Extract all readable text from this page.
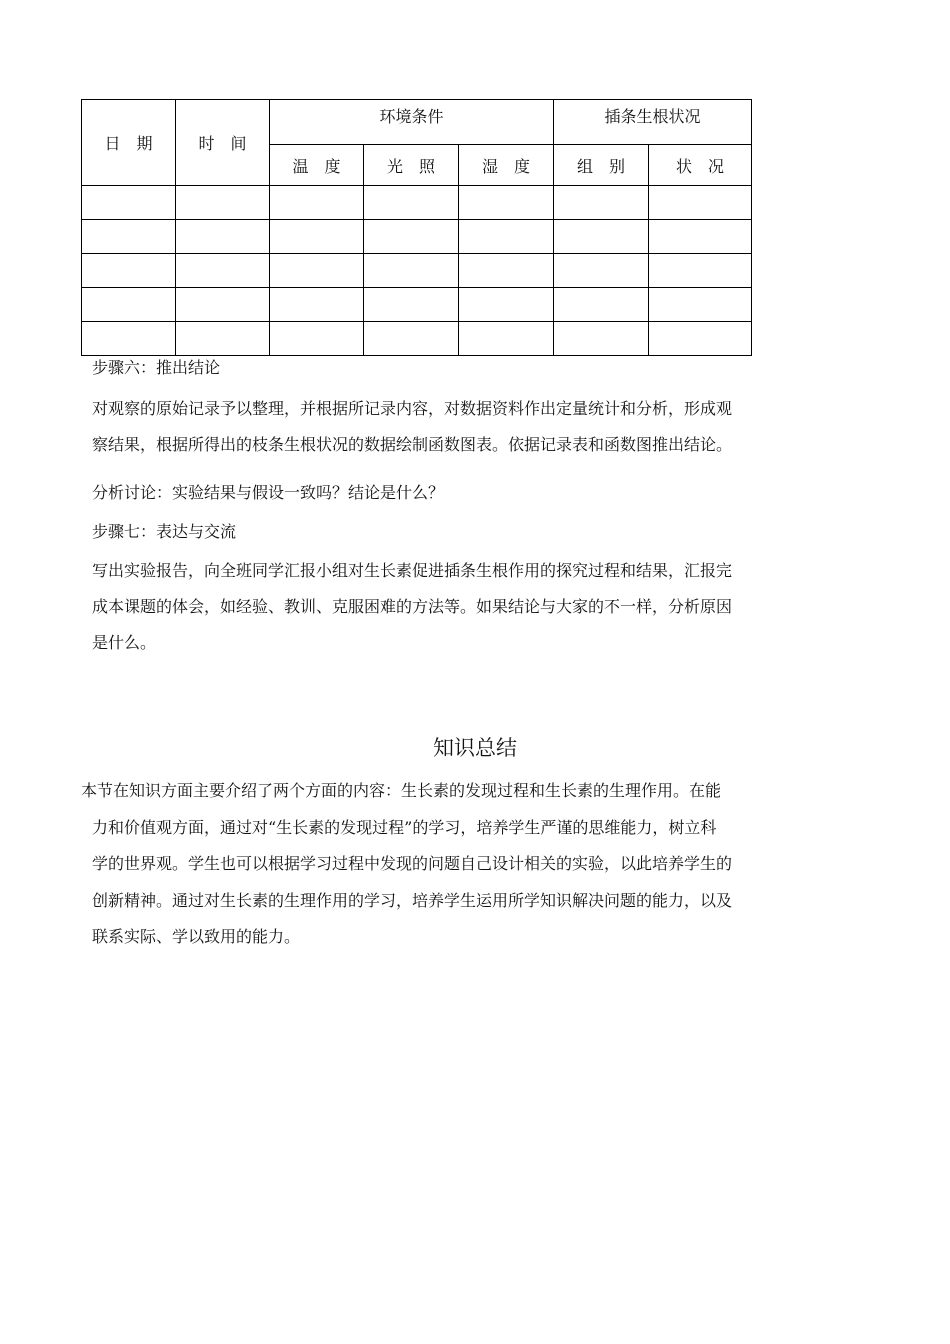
日　期	时　间	环境条件			插条生根状况	
		温　度	光　照	湿　度	组　别	状　况

步骤六：推出结论

对观察的原始记录予以整理，并根据所记录内容，对数据资料作出定量统计和分析，形成观
察结果，根据所得出的枝条生根状况的数据绘制函数图表。依据记录表和函数图推出结论。

分析讨论：实验结果与假设一致吗？结论是什么？

步骤七：表达与交流

写出实验报告，向全班同学汇报小组对生长素促进插条生根作用的探究过程和结果，汇报完
成本课题的体会，如经验、教训、克服困难的方法等。如果结论与大家的不一样，分析原因
是什么。
知识总结
本节在知识方面主要介绍了两个方面的内容：生长素的发现过程和生长素的生理作用。在能
力和价值观方面，通过对“生长素的发现过程”的学习，培养学生严谨的思维能力，树立科
学的世界观。学生也可以根据学习过程中发现的问题自己设计相关的实验，以此培养学生的
创新精神。通过对生长素的生理作用的学习，培养学生运用所学知识解决问题的能力，以及
联系实际、学以致用的能力。
